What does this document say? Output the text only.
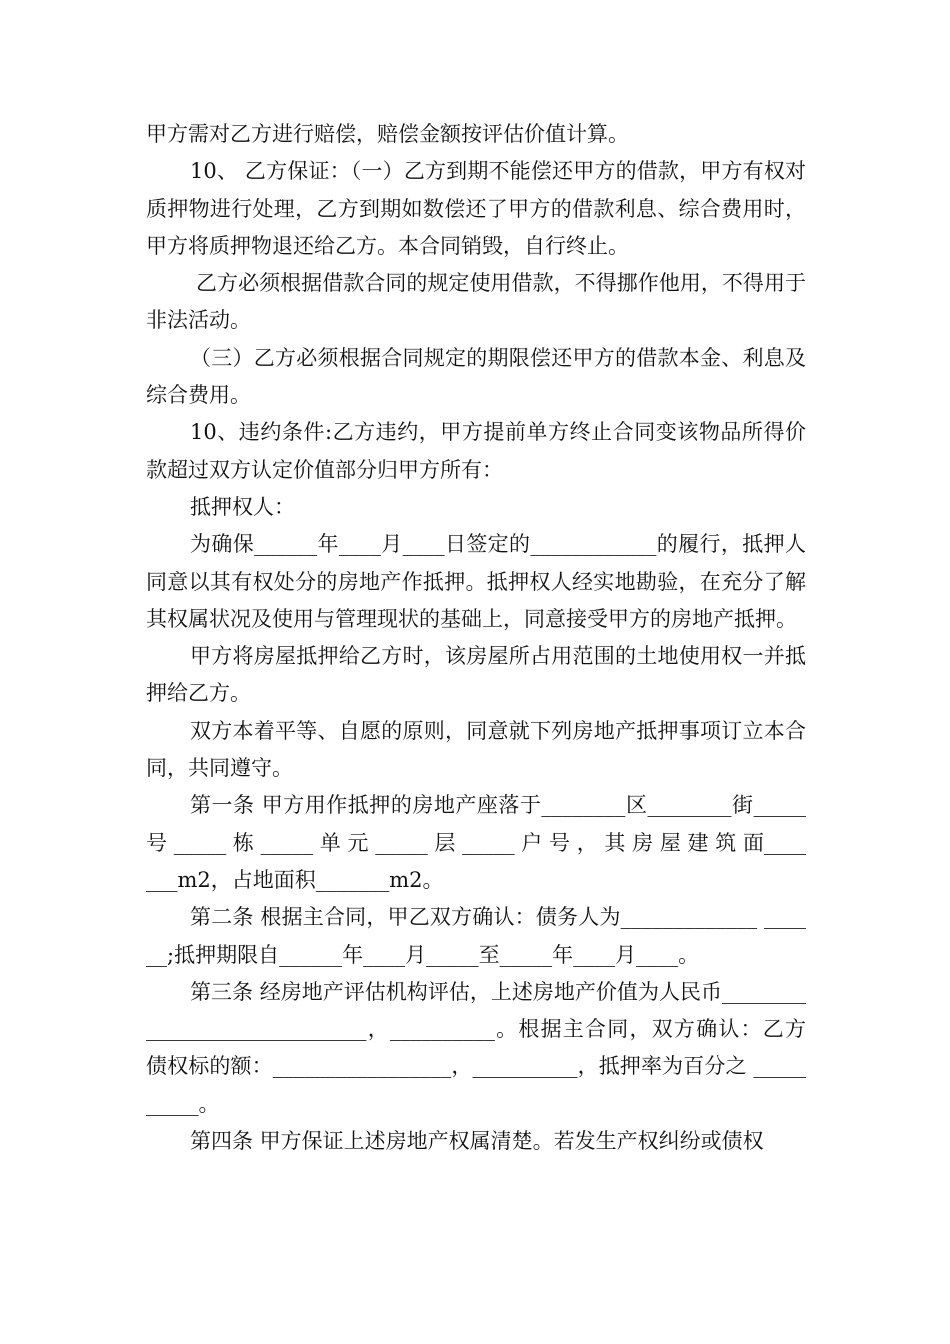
甲方需对乙方进行赔偿，赔偿金额按评估价值计算。

10、 乙方保证：（一）乙方到期不能偿还甲方的借款，甲方有权对质押物进行处理，乙方到期如数偿还了甲方的借款利息、综合费用时，甲方将质押物退还给乙方。本合同销毁，自行终止。

乙方必须根据借款合同的规定使用借款，不得挪作他用，不得用于非法活动。

（三）乙方必须根据合同规定的期限偿还甲方的借款本金、利息及综合费用。

10、违约条件:乙方违约，甲方提前单方终止合同变该物品所得价款超过双方认定价值部分归甲方所有：

抵押权人：

为确保______年____月____日签定的____________的履行，抵押人同意以其有权处分的房地产作抵押。抵押权人经实地勘验，在充分了解其权属状况及使用与管理现状的基础上，同意接受甲方的房地产抵押。

甲方将房屋抵押给乙方时，该房屋所占用范围的土地使用权一并抵押给乙方。

双方本着平等、自愿的原则，同意就下列房地产抵押事项订立本合同，共同遵守。

第一条 甲方用作抵押的房地产座落于________区________街_____ 号 _____ 栋 _____ 单 元 _____ 层 _____ 户 号 ， 其 房 屋 建 筑 面_______m2，占地面积_______m2。

第二条 根据主合同，甲乙双方确认：债务人为_____________ ______;抵押期限自______年____月_____至_____年____月____。

第三条 经房地产评估机构评估，上述房地产价值为人民币_____________________________，__________。根据主合同，双方确认：乙方债权标的额：_________________，__________，抵押率为百分之 __________。

第四条 甲方保证上述房地产权属清楚。若发生产权纠纷或债权
